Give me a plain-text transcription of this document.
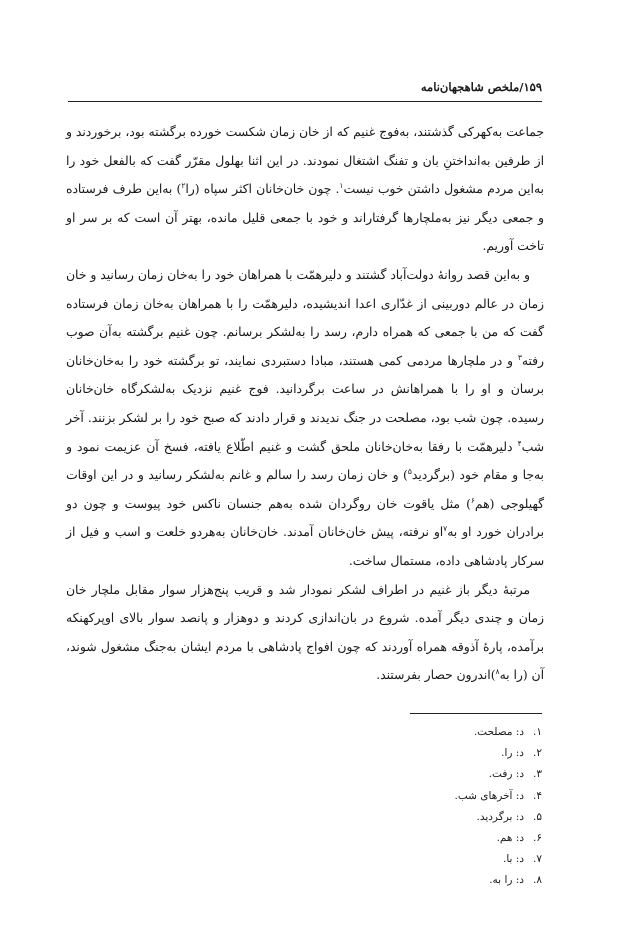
۱۵۹/ملخص شاهجهان‌نامه

جماعت به‌کهرکی گذشتند، به‌فوج غنیم که از خان زمان شکست خورده برگشته بود، برخوردند و از طرفین به‌انداختنِ بان و تفنگ اشتغال نمودند. در این اثنا بهلول مقرّر گفت که بالفعل خود را به‌این مردم مشغول داشتن خوب نیست$^۱$. چون خان‌خانان اکثر سپاه (را$^۲$) به‌این طرف فرستاده و جمعی دیگر نیز به‌ملچارها گرفتاراند و خود با جمعی قلیل مانده، بهتر آن است که بر سر او تاخت آوریم.

و به‌این قصد روانهٔ دولت‌آباد گشتند و دلیرهمّت با همراهان خود را به‌خان زمان رسانید و خان زمان در عالم دوربینی از غدّاری اعدا اندیشیده، دلیرهمّت را با همراهان به‌خان زمان فرستاده گفت که من با جمعی که همراه دارم، رسد را به‌لشکر برسانم. چون غنیم برگشته به‌آن صوب رفته$^۳$ و در ملچارها مردمی کمی هستند، مبادا دستبردی نمایند، تو برگشته خود را به‌خان‌خانان برسان و او را با همراهانش در ساعت برگردانید. فوج غنیم نزدیک به‌لشکرگاه خان‌خانان رسیده. چون شب بود، مصلحت در جنگ ندیدند و قرار دادند که صبح خود را بر لشکر بزنند. آخر شب$^۴$ دلیرهمّت با رفقا به‌خان‌خانان ملحق گشت و غنیم اطّلاع یافته، فسخ آن عزیمت نمود و به‌جا و مقام خود (برگردید$^۵$) و خان زمان رسد را سالم و غانم به‌لشکر رسانید و در این اوقات گهیلوجی (هم$^۶$) مثل یاقوت خان روگردان شده به‌هم جنسان ناکس خود پیوست و چون دو برادران خورد او به$^۷$او نرفته، پیش خان‌خانان آمدند. خان‌خانان به‌هردو خلعت و اسب و فیل از سرکار پادشاهی داده، مستمال ساخت.

مرتبهٔ دیگر باز غنیم در اطراف لشکر نمودار شد و قریب پنج‌هزار سوار مقابل ملچار خان زمان و چندی دیگر آمده. شروع در بان‌اندازی کردند و دوهزار و پانصد سوار بالای اوپرکهنکه برآمده، پارهٔ آذوقه همراه آوردند که چون افواج پادشاهی با مردم ایشان به‌جنگ مشغول شوند، آن (را به$^۸$)اندرون حصار بفرستند.

۱.
د: مصلحت.
۲.
د: را.
۳.
د: رفت.
۴.
د: آخرهای شب.
۵.
د: برگردید.
۶.
د: هم.
۷.
د: با.
۸.
د: را به.
